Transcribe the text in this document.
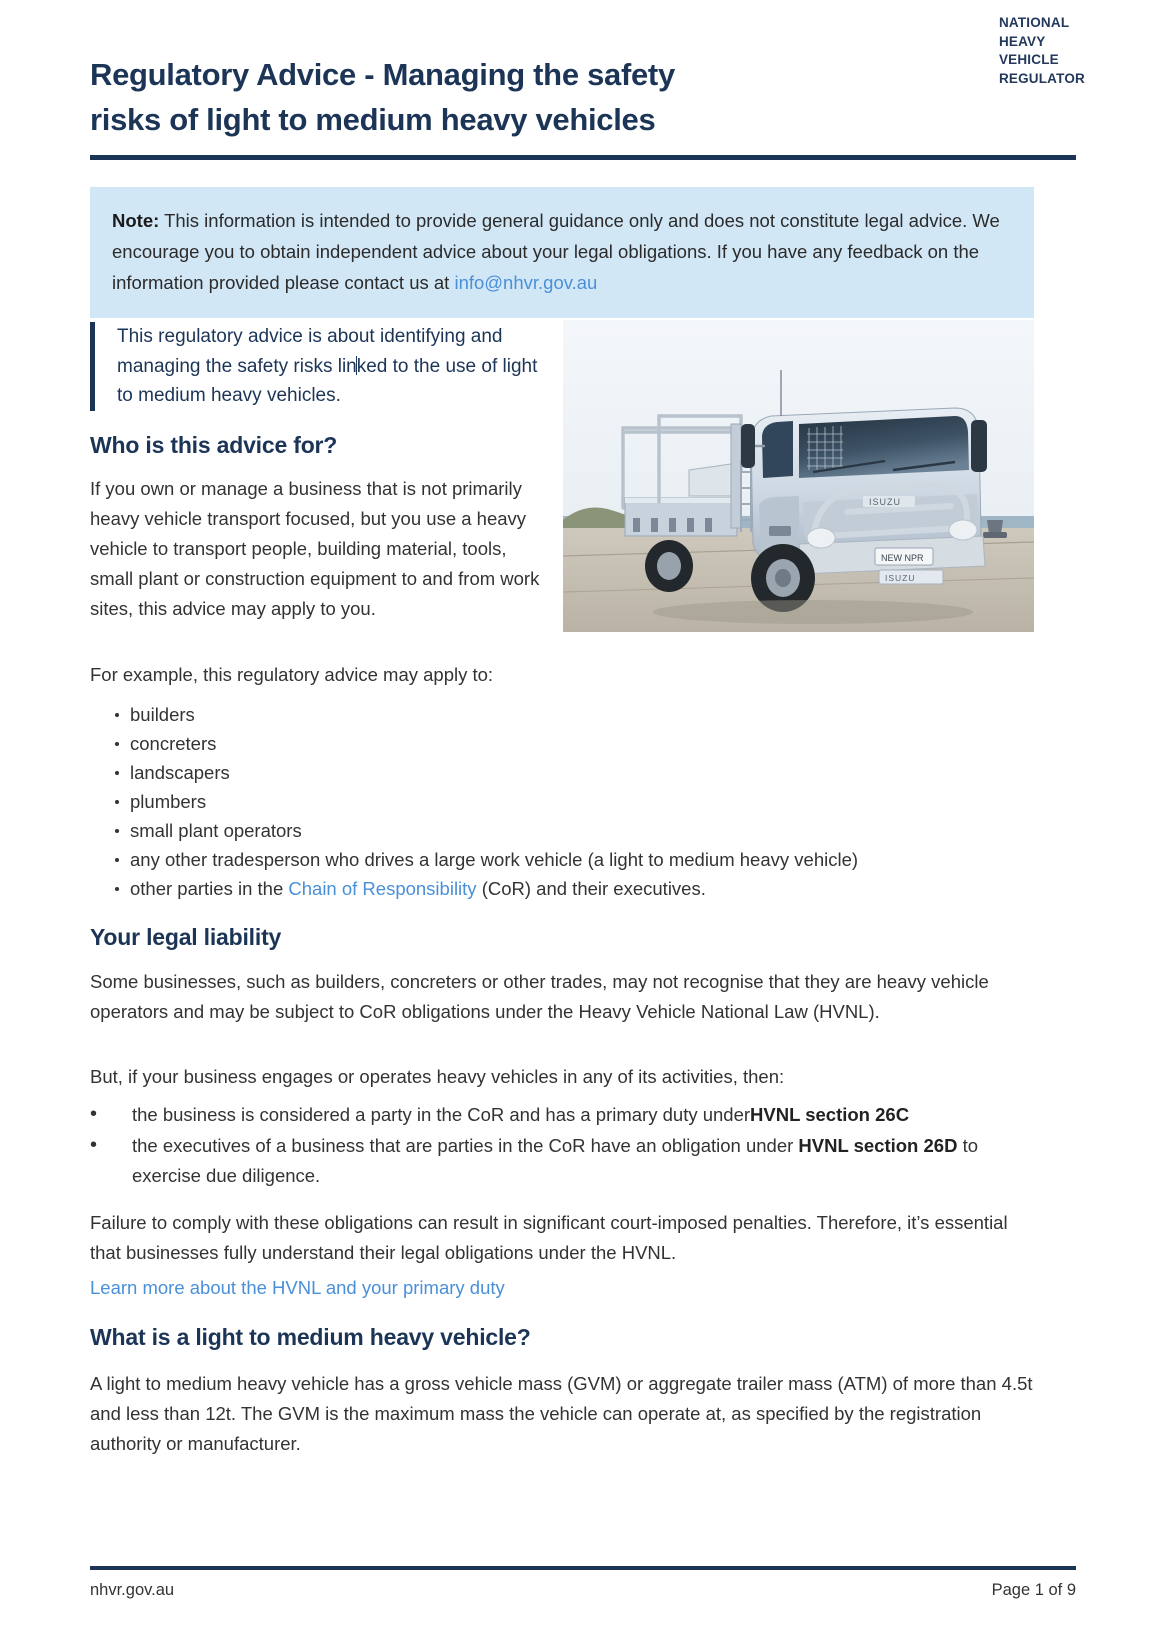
Regulatory Advice - Managing the safety
risks of light to medium heavy vehicles
NATIONAL
HEAVY
VEHICLE
REGULATOR
Note: This information is intended to provide general guidance only and does not constitute legal advice. We encourage you to obtain independent advice about your legal obligations. If you have any feedback on the information provided please contact us at info@nhvr.gov.au

This regulatory advice is about identifying and managing the safety risks linked to the use of light to medium heavy vehicles.

ISUZU
NEW NPR
ISUZU
Who is this advice for?

If you own or manage a business that is not primarily heavy vehicle transport focused, but you use a heavy vehicle to transport people, building material, tools, small plant or construction equipment to and from work sites, this advice may apply to you.

For example, this regulatory advice may apply to:

builders
concreters
landscapers
plumbers
small plant operators
any other tradesperson who drives a large work vehicle (a light to medium heavy vehicle)
other parties in the Chain of Responsibility (CoR) and their executives.
Your legal liability

Some businesses, such as builders, concreters or other trades, may not recognise that they are heavy vehicle operators and may be subject to CoR obligations under the Heavy Vehicle National Law (HVNL).

But, if your business engages or operates heavy vehicles in any of its activities, then:

• the business is considered a party in the CoR and has a primary duty underHVNL section 26C
• the executives of a business that are parties in the CoR have an obligation under HVNL section 26D to exercise due diligence.

Failure to comply with these obligations can result in significant court-imposed penalties. Therefore, it’s essential that businesses fully understand their legal obligations under the HVNL.

Learn more about the HVNL and your primary duty

What is a light to medium heavy vehicle?

A light to medium heavy vehicle has a gross vehicle mass (GVM) or aggregate trailer mass (ATM) of more than 4.5t and less than 12t. The GVM is the maximum mass the vehicle can operate at, as specified by the registration authority or manufacturer.

nhvr.gov.au	Page 1 of 9
